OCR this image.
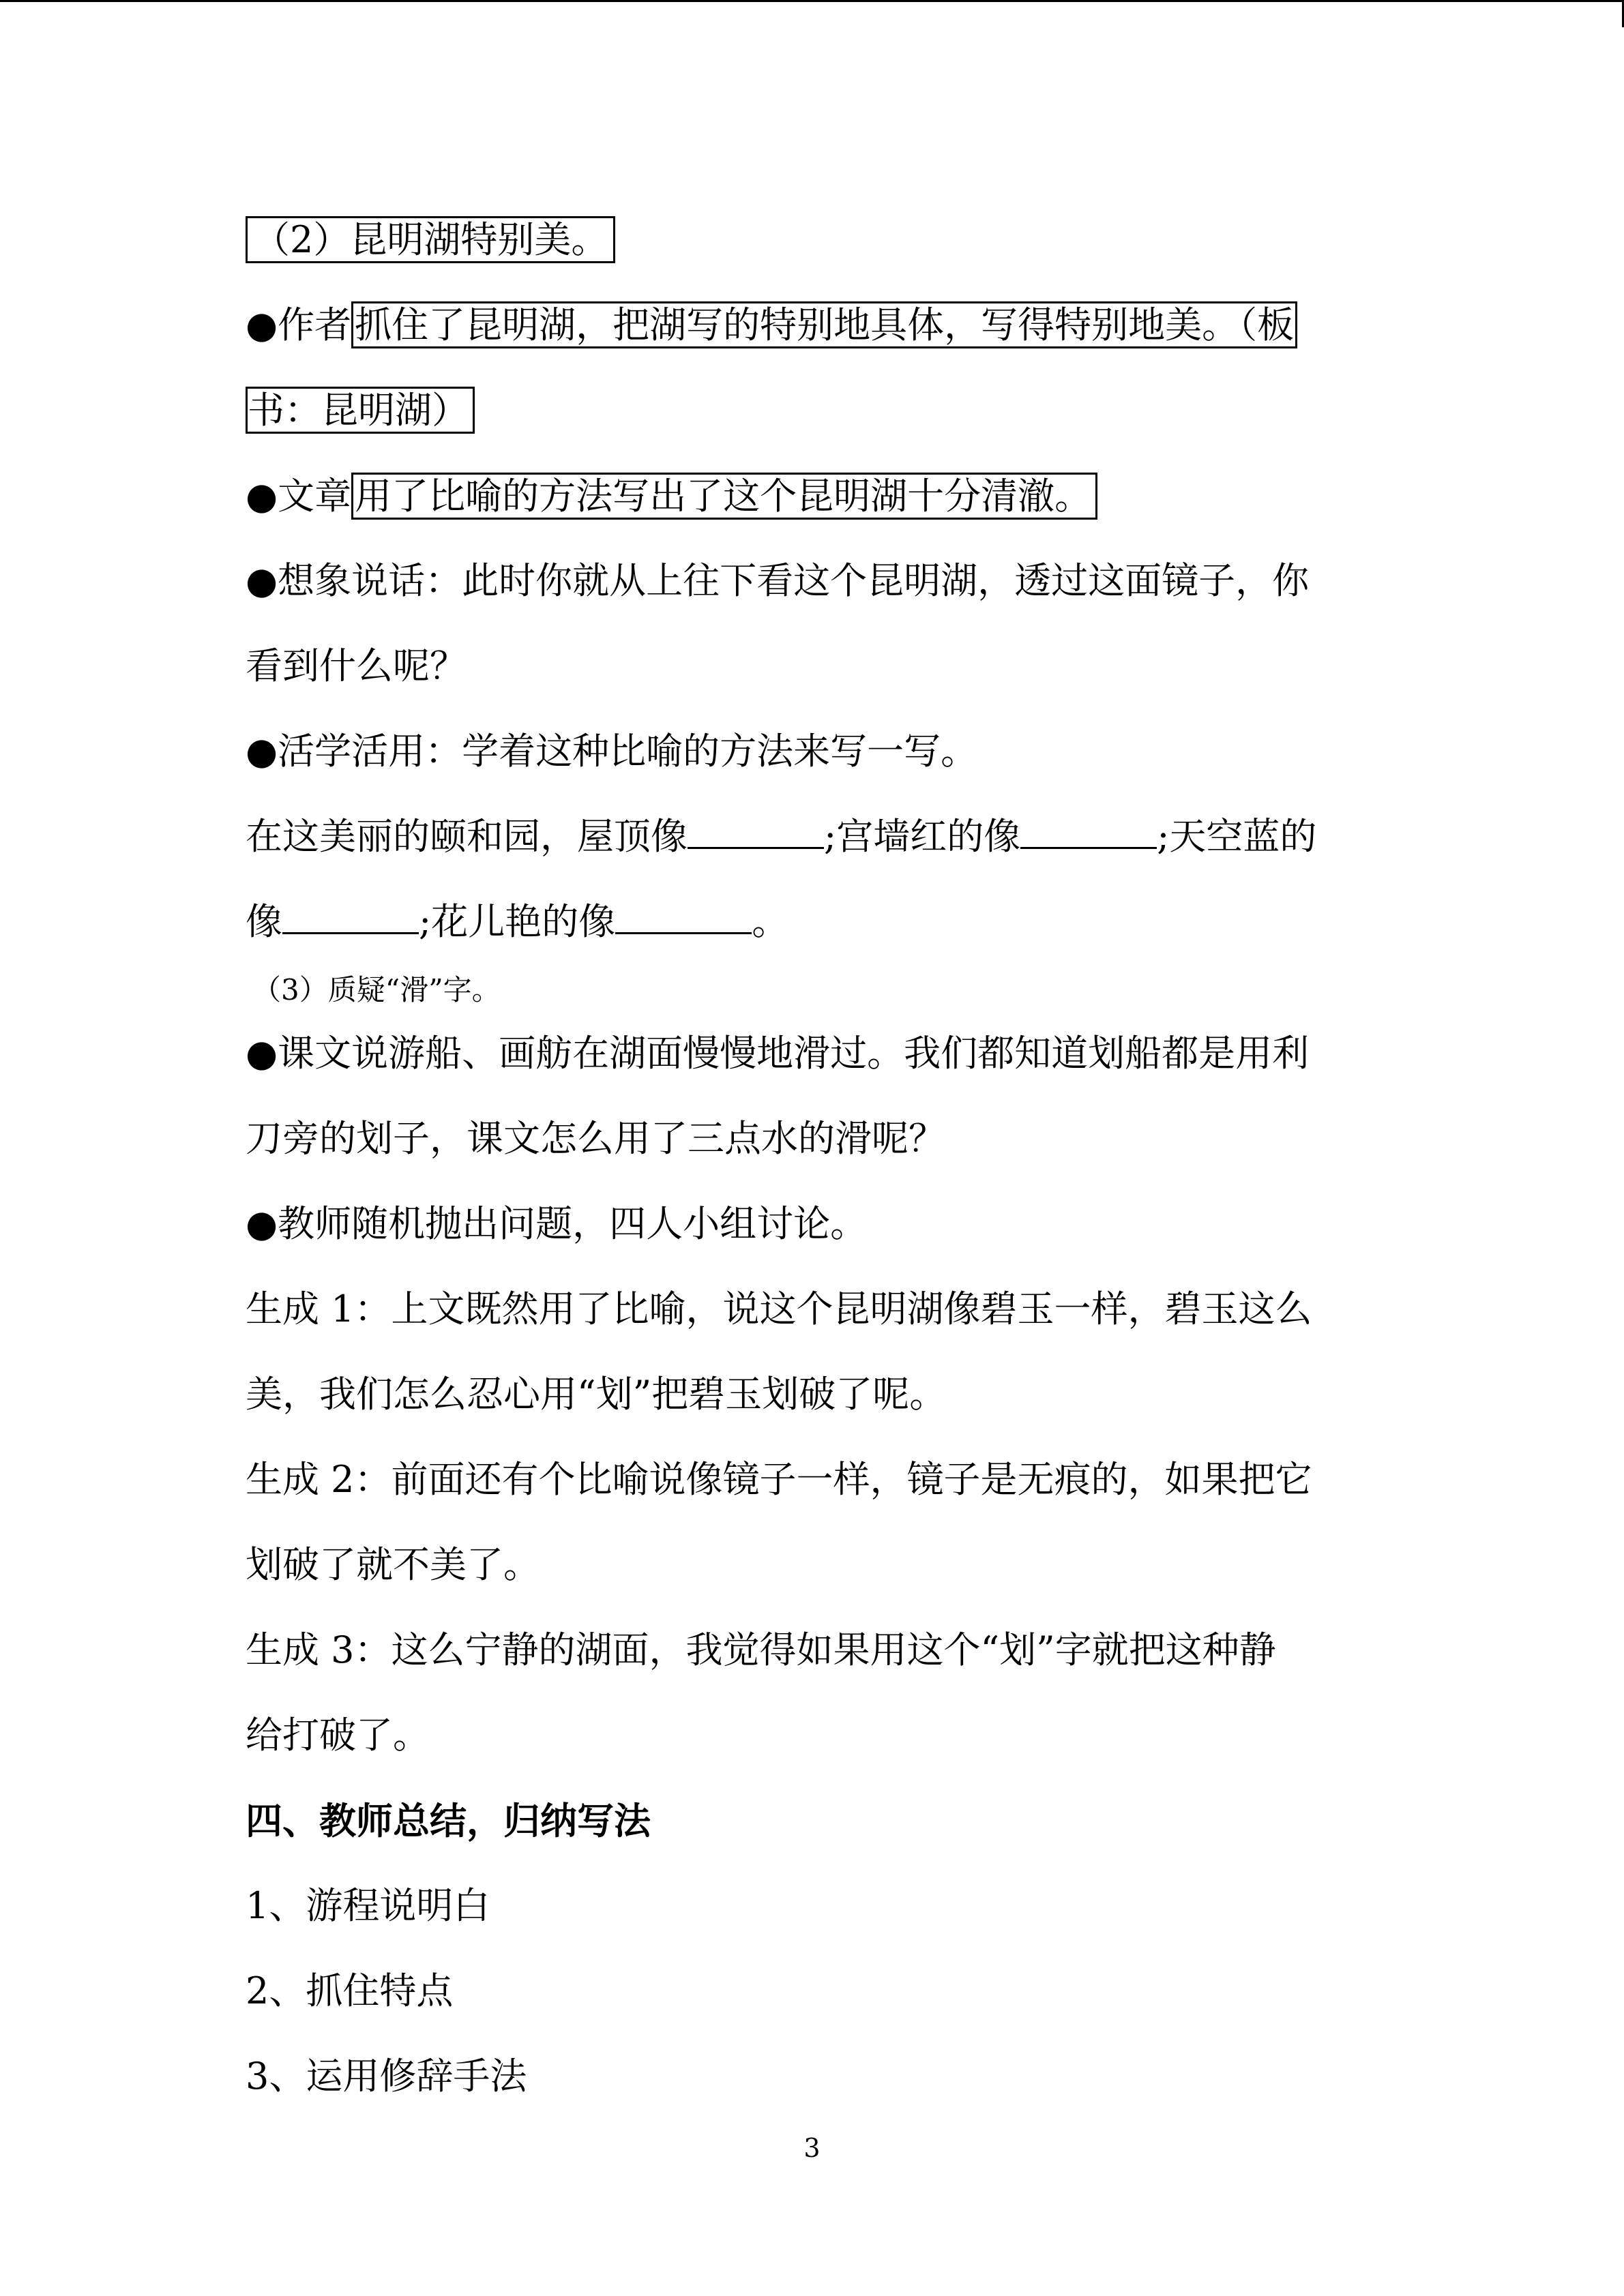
（2）昆明湖特别美。
●作者抓住了昆明湖，把湖写的特别地具体，写得特别地美。（板
书：昆明湖）
●文章用了比喻的方法写出了这个昆明湖十分清澈。
●想象说话：此时你就从上往下看这个昆明湖，透过这面镜子，你
看到什么呢？
●活学活用：学着这种比喻的方法来写一写。
在这美丽的颐和园，屋顶像	;宫墙红的像	;天空蓝的
像	;花儿艳的像	。
（3）质疑“滑”字。
●课文说游船、画舫在湖面慢慢地滑过。我们都知道划船都是用利
刀旁的划子，课文怎么用了三点水的滑呢？
●教师随机抛出问题，四人小组讨论。
生成 1：上文既然用了比喻，说这个昆明湖像碧玉一样，碧玉这么
美，我们怎么忍心用“划”把碧玉划破了呢。
生成 2：前面还有个比喻说像镜子一样，镜子是无痕的，如果把它
划破了就不美了。
生成 3：这么宁静的湖面，我觉得如果用这个“划”字就把这种静
给打破了。
四、教师总结，归纳写法
1、游程说明白
2、抓住特点
3、运用修辞手法
3
